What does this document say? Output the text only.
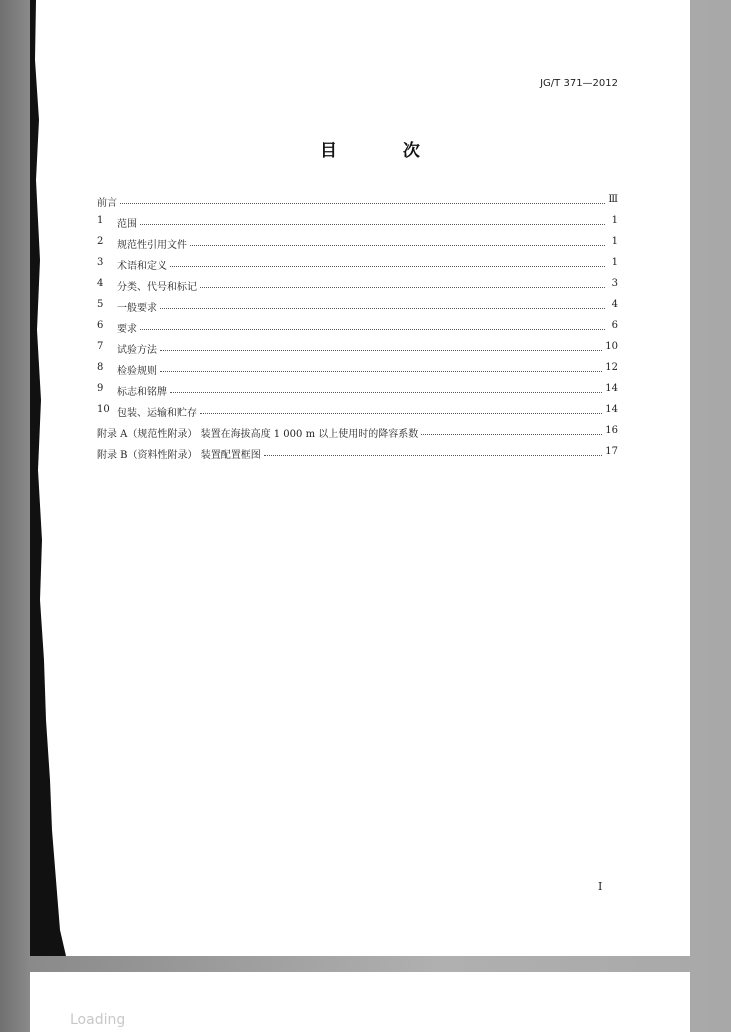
JG/T 371—2012
目 次
前言	Ⅲ
1	范围	1
2	规范性引用文件	1
3	术语和定义	1
4	分类、代号和标记	3
5	一般要求	4
6	要求	6
7	试验方法	10
8	检验规则	12
9	标志和铭牌	14
10 包装、运输和贮存	14
附录 A（规范性附录） 装置在海拔高度 1 000 m 以上使用时的降容系数	16
附录 B（资料性附录） 装置配置框图	17
I
Loading
